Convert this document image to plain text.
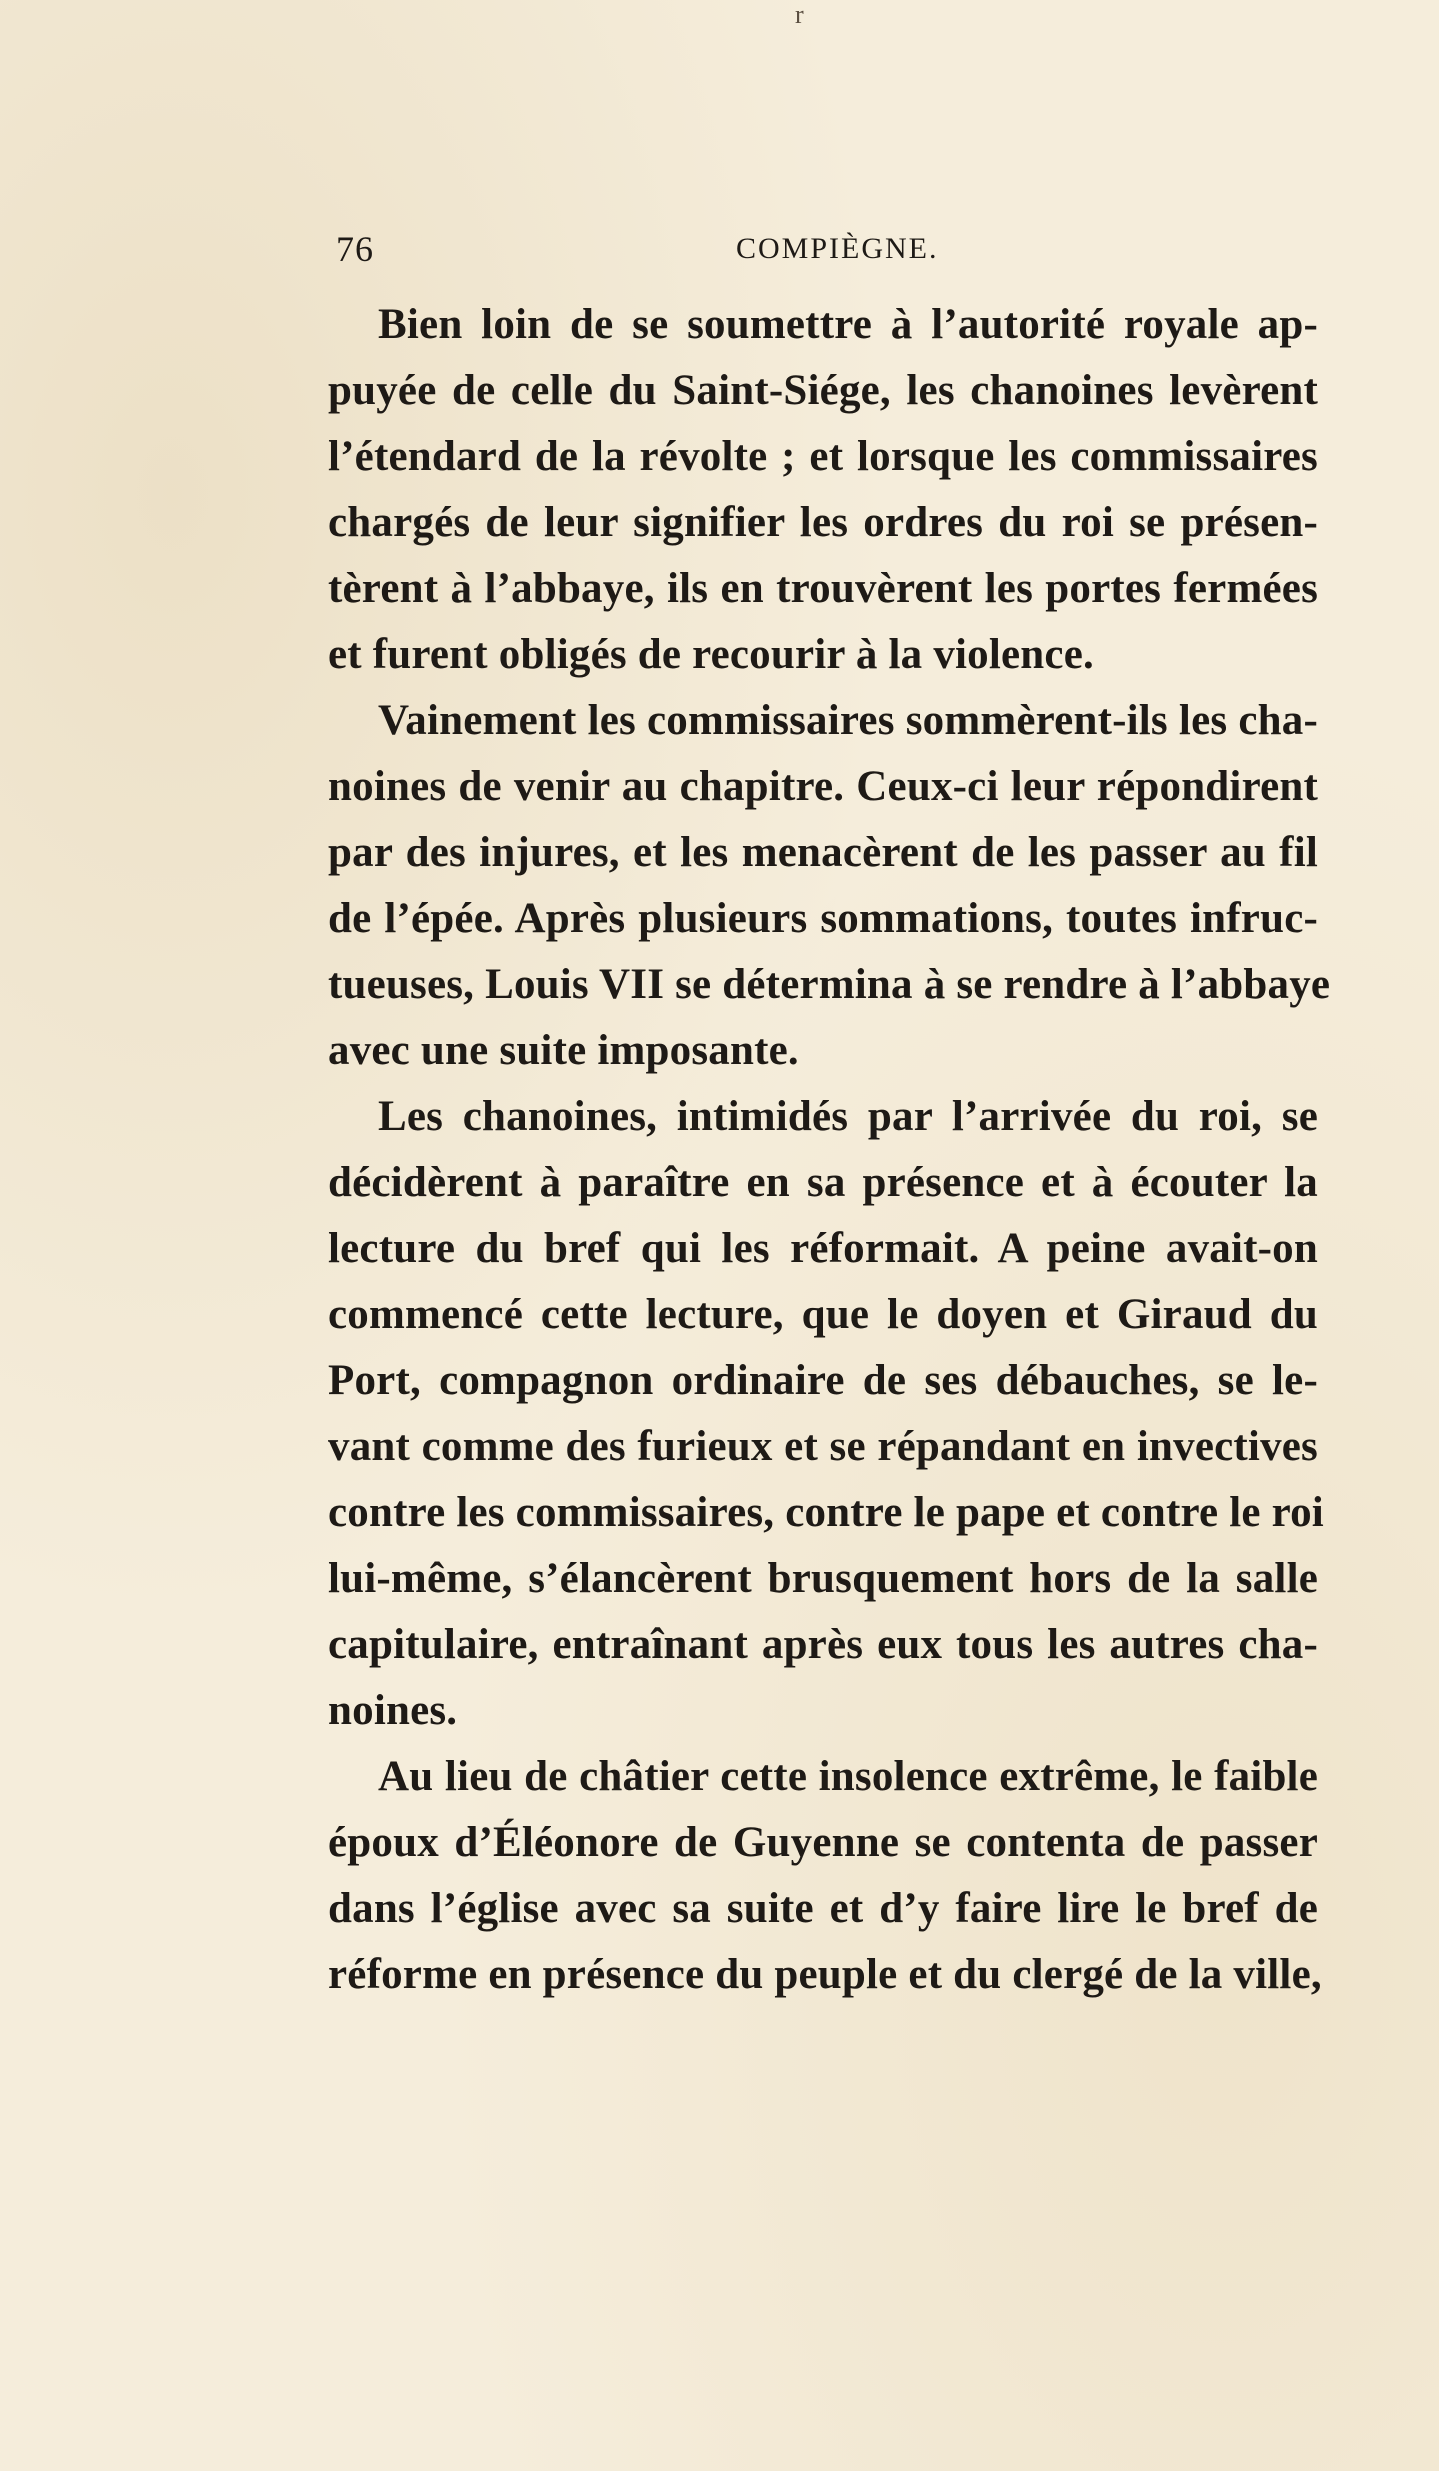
r
76	COMPIÈGNE.
Bien loin de se soumettre à l’autorité royale ap-
puyée de celle du Saint-Siége, les chanoines levèrent
l’étendard de la révolte ; et lorsque les commissaires
chargés de leur signifier les ordres du roi se présen-
tèrent à l’abbaye, ils en trouvèrent les portes fermées
et furent obligés de recourir à la violence.
Vainement les commissaires sommèrent-ils les cha-
noines de venir au chapitre. Ceux-ci leur répondirent
par des injures, et les menacèrent de les passer au fil
de l’épée. Après plusieurs sommations, toutes infruc-
tueuses, Louis VII se détermina à se rendre à l’abbaye
avec une suite imposante.
Les chanoines, intimidés par l’arrivée du roi, se
décidèrent à paraître en sa présence et à écouter la
lecture du bref qui les réformait. A peine avait-on
commencé cette lecture, que le doyen et Giraud du
Port, compagnon ordinaire de ses débauches, se le-
vant comme des furieux et se répandant en invectives
contre les commissaires, contre le pape et contre le roi
lui-même, s’élancèrent brusquement hors de la salle
capitulaire, entraînant après eux tous les autres cha-
noines.
Au lieu de châtier cette insolence extrême, le faible
époux d’Éléonore de Guyenne se contenta de passer
dans l’église avec sa suite et d’y faire lire le bref de
réforme en présence du peuple et du clergé de la ville,
